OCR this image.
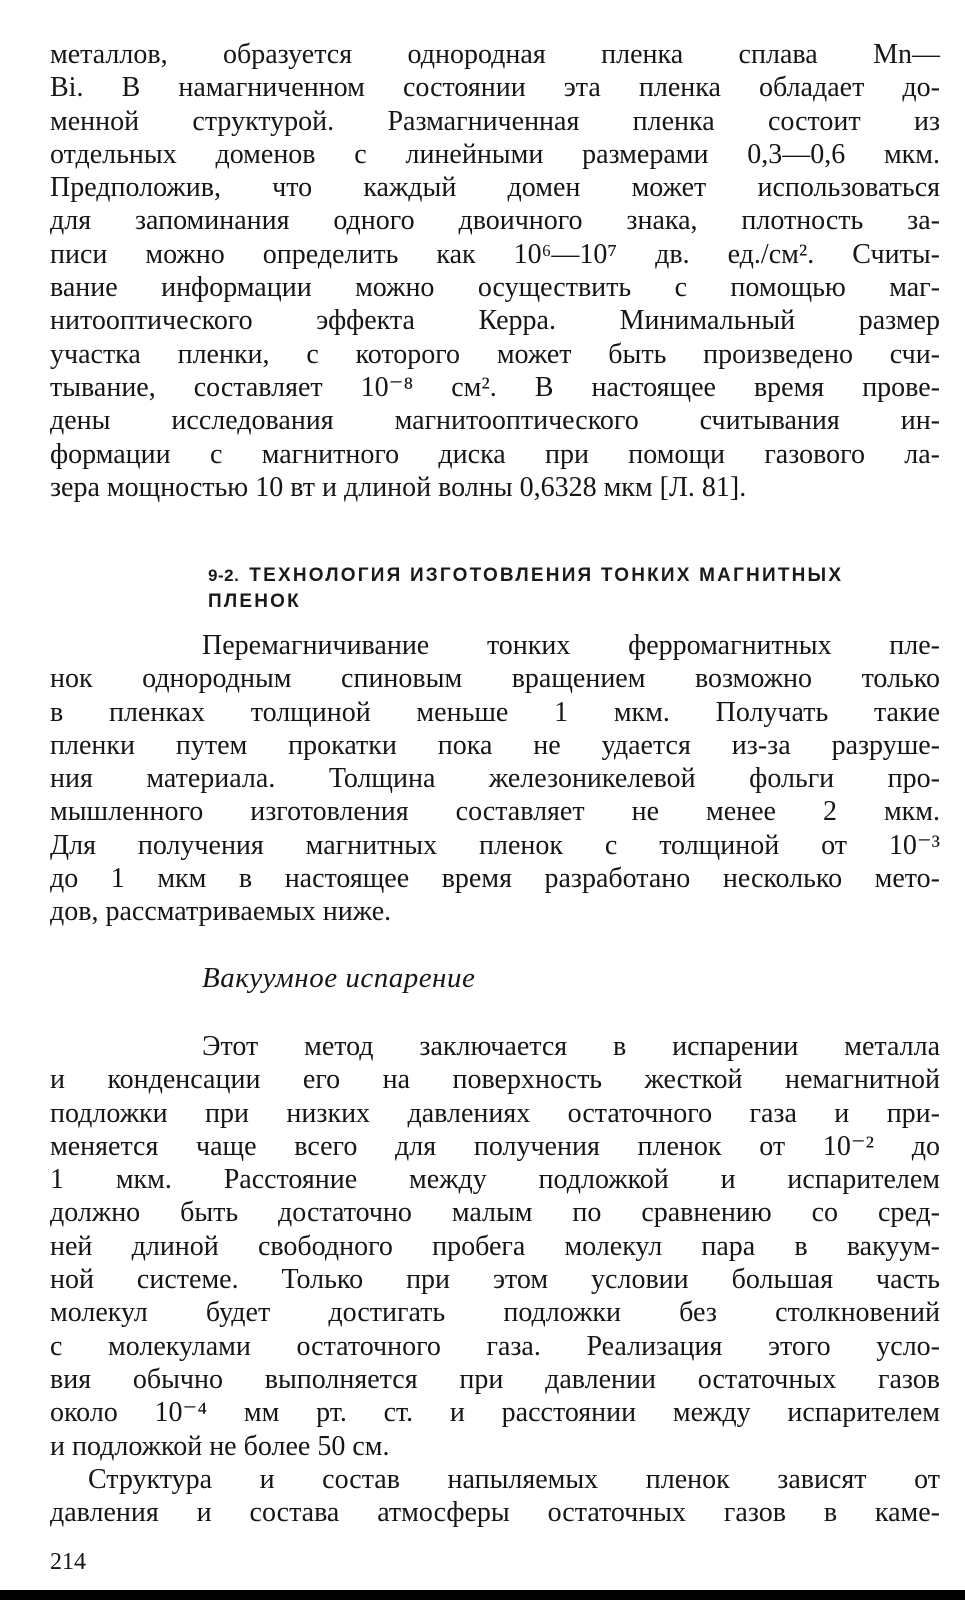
металлов, образуется однородная пленка сплава Mn—
Bi. В намагниченном состоянии эта пленка обладает до-
менной структурой. Размагниченная пленка состоит из
отдельных доменов с линейными размерами 0,3—0,6 мкм.
Предположив, что каждый домен может использоваться
для запоминания одного двоичного знака, плотность за-
писи можно определить как 10⁶—10⁷ дв. ед./см². Считы-
вание информации можно осуществить с помощью маг-
нитооптического эффекта Керра. Минимальный размер
участка пленки, с которого может быть произведено счи-
тывание, составляет 10⁻⁸ см². В настоящее время прове-
дены исследования магнитооптического считывания ин-
формации с магнитного диска при помощи газового ла-
зера мощностью 10 вт и длиной волны 0,6328 мкм [Л. 81].
9-2. ТЕХНОЛОГИЯ ИЗГОТОВЛЕНИЯ ТОНКИХ МАГНИТНЫХ
ПЛЕНОК
Перемагничивание тонких ферромагнитных пле-
нок однородным спиновым вращением возможно только
в пленках толщиной меньше 1 мкм. Получать такие
пленки путем прокатки пока не удается из-за разруше-
ния материала. Толщина железоникелевой фольги про-
мышленного изготовления составляет не менее 2 мкм.
Для получения магнитных пленок с толщиной от 10⁻³
до 1 мкм в настоящее время разработано несколько мето-
дов, рассматриваемых ниже.
Вакуумное испарение
Этот метод заключается в испарении металла
и конденсации его на поверхность жесткой немагнитной
подложки при низких давлениях остаточного газа и при-
меняется чаще всего для получения пленок от 10⁻² до
1 мкм. Расстояние между подложкой и испарителем
должно быть достаточно малым по сравнению со сред-
ней длиной свободного пробега молекул пара в вакуум-
ной системе. Только при этом условии большая часть
молекул будет достигать подложки без столкновений
с молекулами остаточного газа. Реализация этого усло-
вия обычно выполняется при давлении остаточных газов
около 10⁻⁴ мм рт. ст. и расстоянии между испарителем
и подложкой не более 50 см.
Структура и состав напыляемых пленок зависят от
давления и состава атмосферы остаточных газов в каме-
214
